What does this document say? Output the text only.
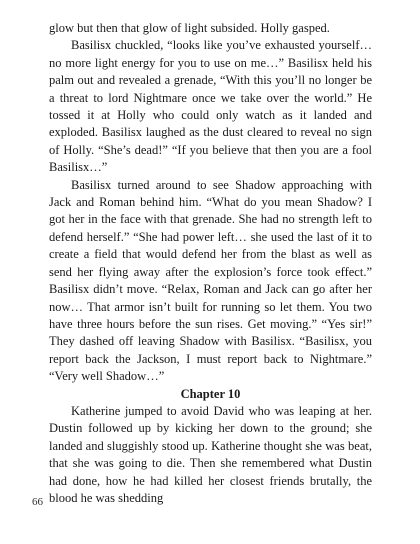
glow but then that glow of light subsided. Holly gasped.

Basilisx chuckled, “looks like you’ve exhausted yourself… no more light energy for you to use on me…” Basilisx held his palm out and revealed a grenade, “With this you’ll no longer be a threat to lord Nightmare once we take over the world.” He tossed it at Holly who could only watch as it landed and exploded. Basilisx laughed as the dust cleared to reveal no sign of Holly. “She’s dead!” “If you believe that then you are a fool Basilisx…”

Basilisx turned around to see Shadow approaching with Jack and Roman behind him. “What do you mean Shadow? I got her in the face with that grenade. She had no strength left to defend herself.” “She had power left… she used the last of it to create a field that would defend her from the blast as well as send her flying away after the explosion’s force took effect.” Basilisx didn’t move. “Relax, Roman and Jack can go after her now… That armor isn’t built for running so let them. You two have three hours before the sun rises. Get moving.” “Yes sir!” They dashed off leaving Shadow with Basilisx. “Basilisx, you report back the Jackson, I must report back to Nightmare.” “Very well Shadow…”

Chapter 10

Katherine jumped to avoid David who was leaping at her. Dustin followed up by kicking her down to the ground; she landed and sluggishly stood up. Katherine thought she was beat, that she was going to die. Then she remembered what Dustin had done, how he had killed her closest friends brutally, the blood he was shedding

66
